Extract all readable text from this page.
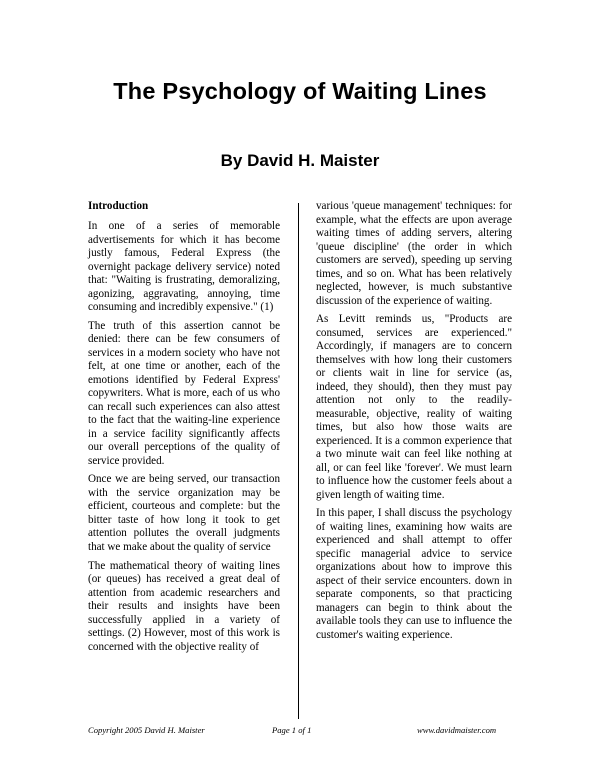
The Psychology of Waiting Lines
By David H. Maister
Introduction

In one of a series of memorable advertisements for which it has become justly famous, Federal Express (the overnight package delivery service) noted that: "Waiting is frustrating, demoralizing, agonizing, aggravating, annoying, time consuming and incredibly expensive." (1)

The truth of this assertion cannot be denied: there can be few consumers of services in a modern society who have not felt, at one time or another, each of the emotions identified by Federal Express' copywriters. What is more, each of us who can recall such experiences can also attest to the fact that the waiting-line experience in a service facility significantly affects our overall perceptions of the quality of service provided.

Once we are being served, our transaction with the service organization may be efficient, courteous and complete: but the bitter taste of how long it took to get attention pollutes the overall judgments that we make about the quality of service

The mathematical theory of waiting lines (or queues) has received a great deal of attention from academic researchers and their results and insights have been successfully applied in a variety of settings. (2) However, most of this work is concerned with the objective reality of

various 'queue management' techniques: for example, what the effects are upon average waiting times of adding servers, altering 'queue discipline' (the order in which customers are served), speeding up serving times, and so on. What has been relatively neglected, however, is much substantive discussion of the experience of waiting.

As Levitt reminds us, "Products are consumed, services are experienced." Accordingly, if managers are to concern themselves with how long their customers or clients wait in line for service (as, indeed, they should), then they must pay attention not only to the readily-measurable, objective, reality of waiting times, but also how those waits are experienced. It is a common experience that a two minute wait can feel like nothing at all, or can feel like 'forever'. We must learn to influence how the customer feels about a given length of waiting time.

In this paper, I shall discuss the psychology of waiting lines, examining how waits are experienced and shall attempt to offer specific managerial advice to service organizations about how to improve this aspect of their service encounters. down in separate components, so that practicing managers can begin to think about the available tools they can use to influence the customer's waiting experience.

Copyright 2005 David H. Maister	Page 1 of 1	www.davidmaister.com
